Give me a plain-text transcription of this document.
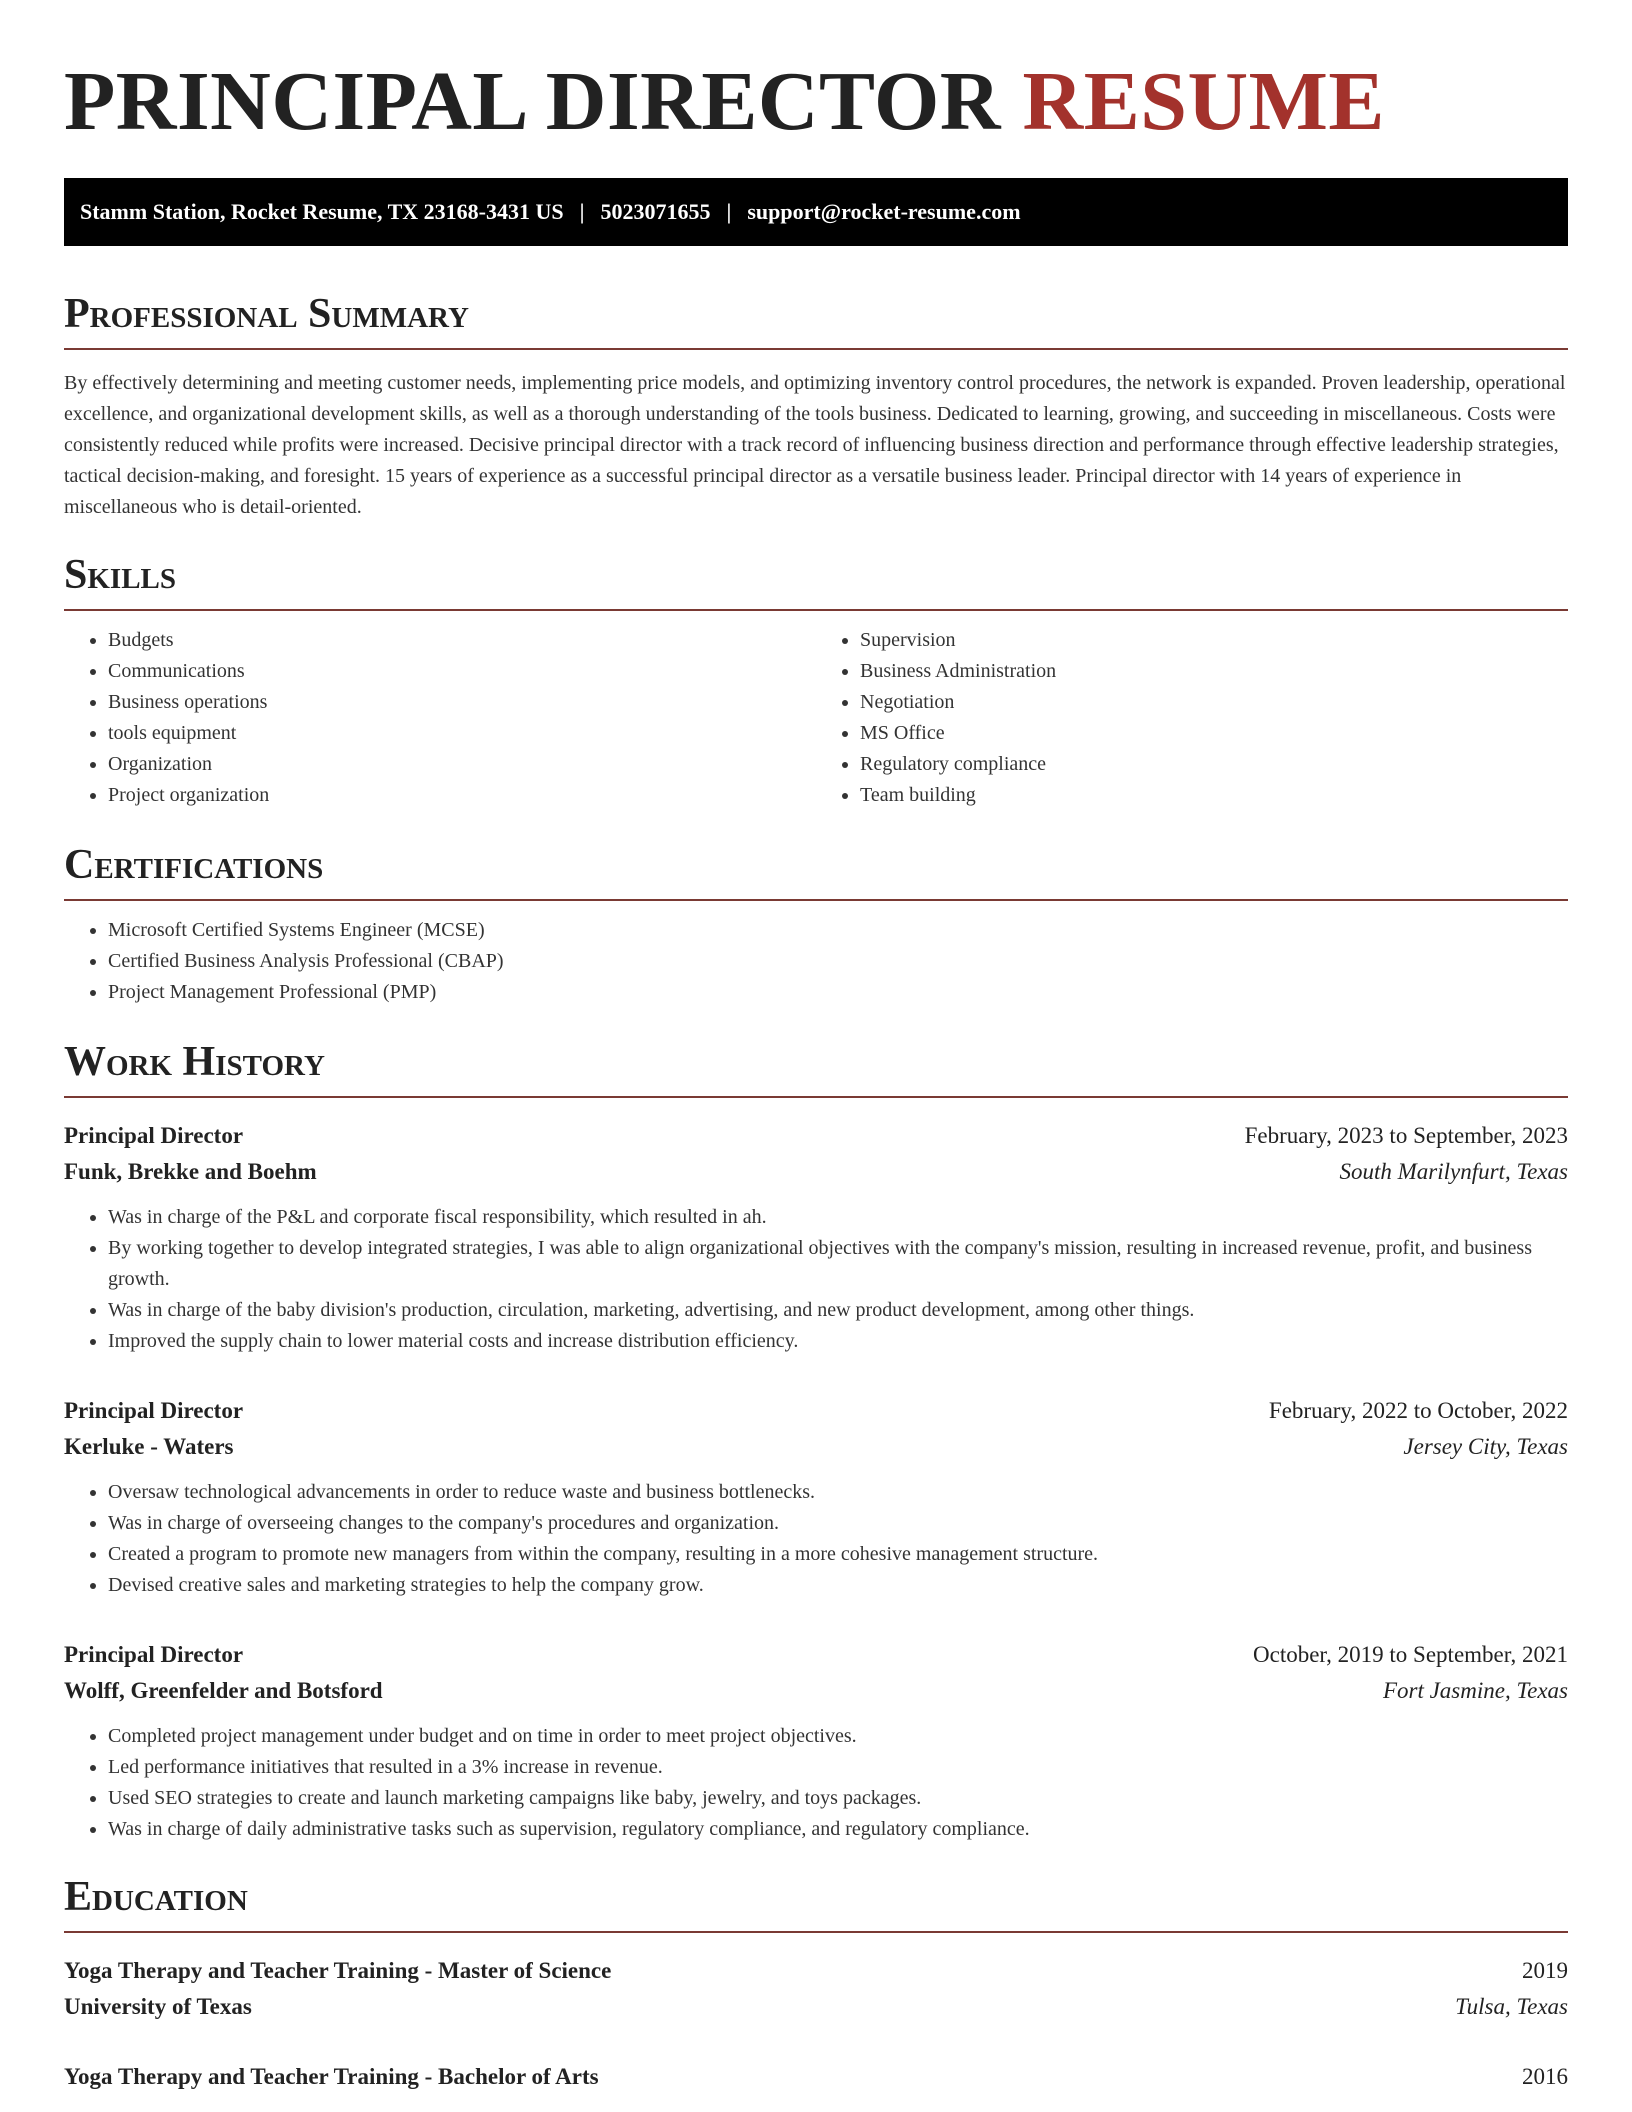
PRINCIPAL DIRECTOR RESUME
Stamm Station, Rocket Resume, TX 23168-3431 US | 5023071655 | support@rocket-resume.com
Professional Summary

By effectively determining and meeting customer needs, implementing price models, and optimizing inventory control procedures, the network is expanded. Proven leadership, operational excellence, and organizational development skills, as well as a thorough understanding of the tools business. Dedicated to learning, growing, and succeeding in miscellaneous. Costs were consistently reduced while profits were increased. Decisive principal director with a track record of influencing business direction and performance through effective leadership strategies, tactical decision-making, and foresight. 15 years of experience as a successful principal director as a versatile business leader. Principal director with 14 years of experience in miscellaneous who is detail-oriented.

Skills
• Budgets
• Communications
• Business operations
• tools equipment
• Organization
• Project organization
• Supervision
• Business Administration
• Negotiation
• MS Office
• Regulatory compliance
• Team building
Certifications
• Microsoft Certified Systems Engineer (MCSE)
• Certified Business Analysis Professional (CBAP)
• Project Management Professional (PMP)
Work History
Principal Director	February, 2023 to September, 2023
Funk, Brekke and Boehm	South Marilynfurt, Texas
• Was in charge of the P&L and corporate fiscal responsibility, which resulted in ah.
• By working together to develop integrated strategies, I was able to align organizational objectives with the company's mission, resulting in increased revenue, profit, and business growth.
• Was in charge of the baby division's production, circulation, marketing, advertising, and new product development, among other things.
• Improved the supply chain to lower material costs and increase distribution efficiency.
Principal Director	February, 2022 to October, 2022
Kerluke - Waters	Jersey City, Texas
• Oversaw technological advancements in order to reduce waste and business bottlenecks.
• Was in charge of overseeing changes to the company's procedures and organization.
• Created a program to promote new managers from within the company, resulting in a more cohesive management structure.
• Devised creative sales and marketing strategies to help the company grow.
Principal Director	October, 2019 to September, 2021
Wolff, Greenfelder and Botsford	Fort Jasmine, Texas
• Completed project management under budget and on time in order to meet project objectives.
• Led performance initiatives that resulted in a 3% increase in revenue.
• Used SEO strategies to create and launch marketing campaigns like baby, jewelry, and toys packages.
• Was in charge of daily administrative tasks such as supervision, regulatory compliance, and regulatory compliance.
Education
Yoga Therapy and Teacher Training - Master of Science	2019
University of Texas	Tulsa, Texas
Yoga Therapy and Teacher Training - Bachelor of Arts	2016
